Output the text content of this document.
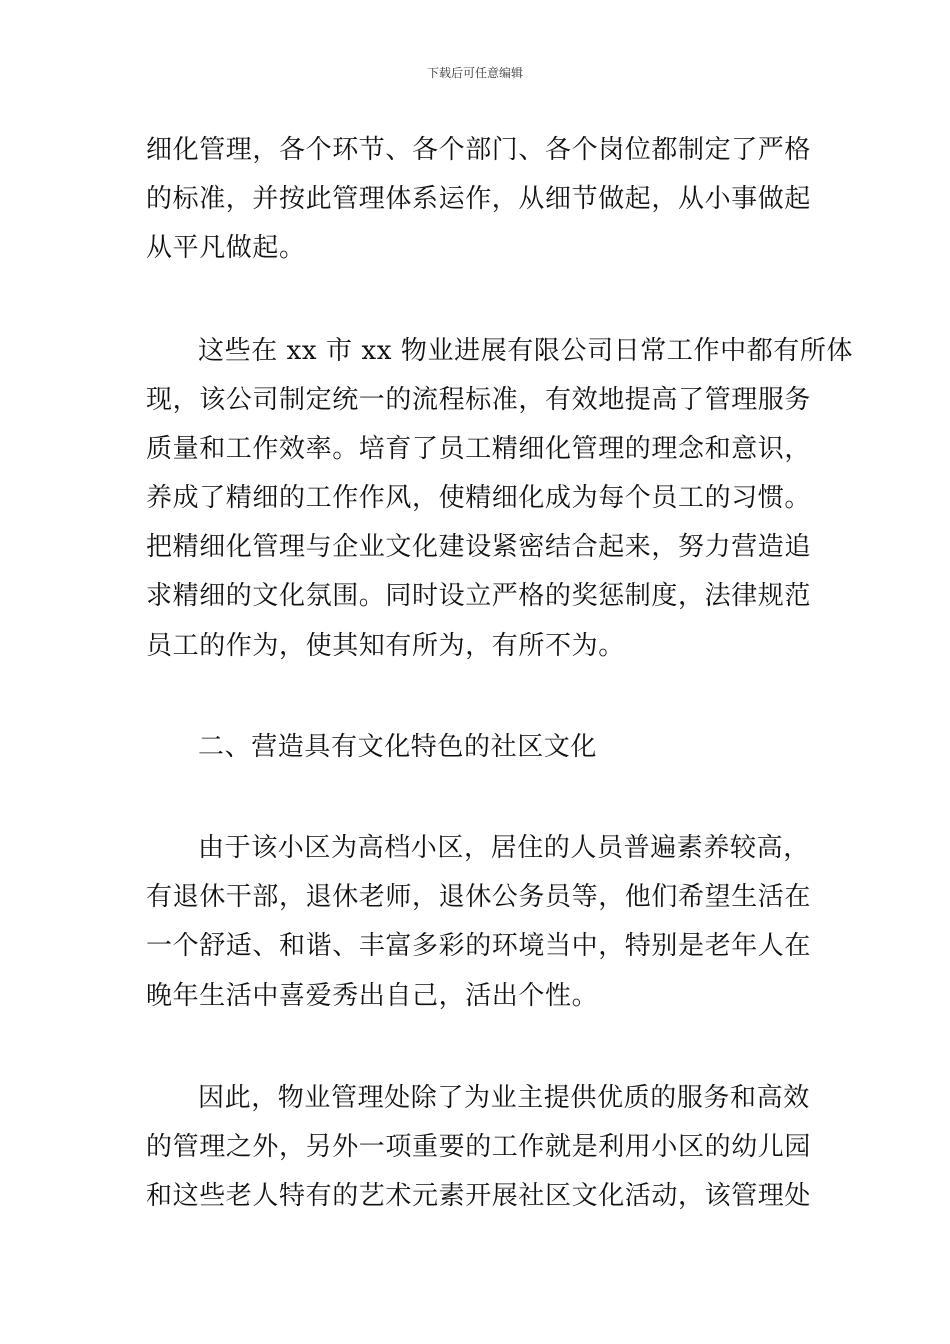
下载后可任意编辑
细化管理，各个环节、各个部门、各个岗位都制定了严格
的标准，并按此管理体系运作，从细节做起，从小事做起
从平凡做起。
这些在 xx 市 xx 物业进展有限公司日常工作中都有所体
现，该公司制定统一的流程标准，有效地提高了管理服务
质量和工作效率。培育了员工精细化管理的理念和意识，
养成了精细的工作作风，使精细化成为每个员工的习惯。
把精细化管理与企业文化建设紧密结合起来，努力营造追
求精细的文化氛围。同时设立严格的奖惩制度，法律规范
员工的作为，使其知有所为，有所不为。
二、营造具有文化特色的社区文化
由于该小区为高档小区，居住的人员普遍素养较高，
有退休干部，退休老师，退休公务员等，他们希望生活在
一个舒适、和谐、丰富多彩的环境当中，特别是老年人在
晚年生活中喜爱秀出自己，活出个性。
因此，物业管理处除了为业主提供优质的服务和高效
的管理之外，另外一项重要的工作就是利用小区的幼儿园
和这些老人特有的艺术元素开展社区文化活动，该管理处
